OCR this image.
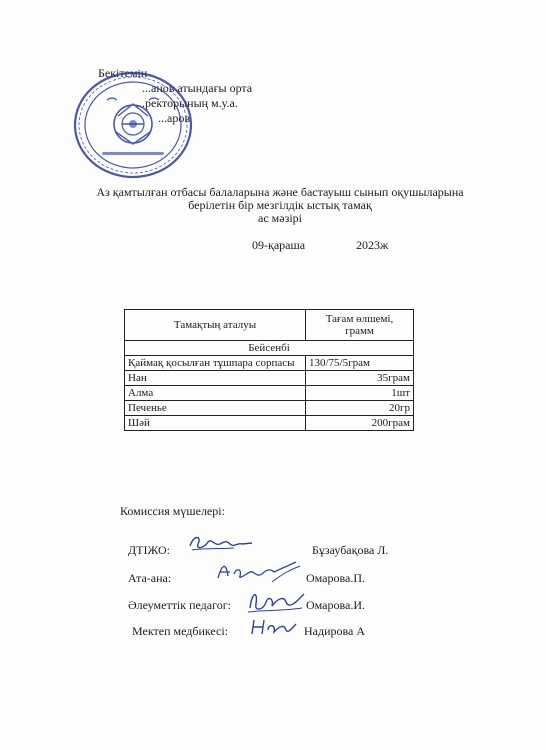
Бекітемін
...анов атындағы орта
...ректорының м.у.а.
...аров
Аз қамтылған отбасы балаларына және бастауыш сынып оқушыларына
берілетін бір мезгілдік ыстық тамақ
ас мәзірі
09-қараша	2023ж
Тамақтың аталуы	Тағам өлшемі, грамм
Бейсенбі	
Қаймақ қосылған тұшпара сорпасы	130/75/5грам
Нан	35грам
Алма	1шт
Печенье	20гр
Шәй	200грам
Комиссия мүшелері:
ДТІЖО:	Бұзаубақова Л.
Ата-ана:	Омарова.П.
Әлеуметтік педагог:	Омарова.И.
Мектеп медбикесі:	Надирова А
